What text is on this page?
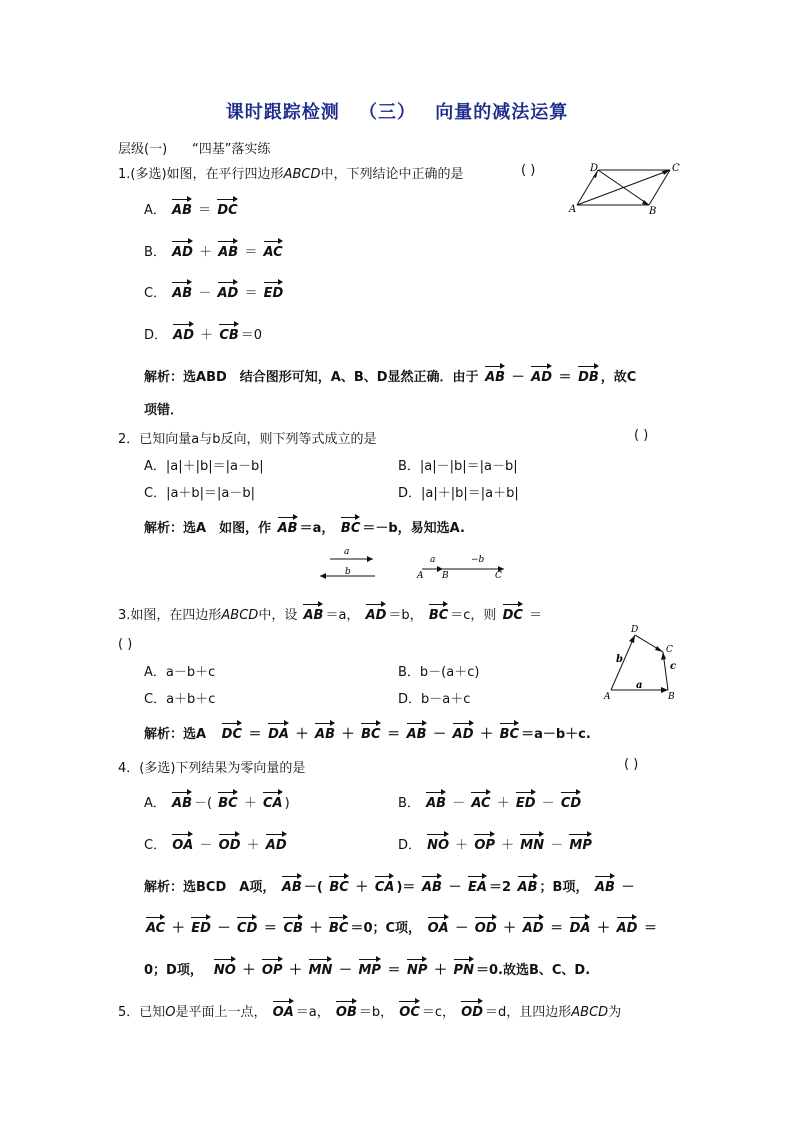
课时跟踪检测 （三） 向量的减法运算
层级(一) “四基”落实练
1.(多选)如图，在平行四边形ABCD中，下列结论中正确的是	( )	D	C
A	B
A． AB ＝ DC
B． AD ＋ AB ＝ AC
C． AB － AD ＝ ED
D． AD ＋ CB ＝0
解析：选ABD　结合图形可知，A、B、D显然正确．由于 AB － AD ＝ DB ，故C
项错．
2．已知向量a与b反向，则下列等式成立的是	( )
A．|a|＋|b|＝|a－b|	B．|a|－|b|＝|a－b|
C．|a＋b|＝|a－b|	D．|a|＋|b|＝|a＋b|
解析：选A　如图，作 AB ＝a， BC ＝－b，易知选A.
a
b
a	−b
A B	C
3.如图，在四边形ABCD中，设 AB ＝a， AD ＝b， BC ＝c，则 DC ＝
( )
D
C
A	B
a
b
c
A．a－b＋c	B．b－(a＋c)
C．a＋b＋c	D．b－a＋c
解析：选A DC ＝ DA ＋ AB ＋ BC ＝ AB － AD ＋ BC ＝a－b＋c.
4．(多选)下列结果为零向量的是	( )
A． AB －( BC ＋ CA )	B． AB － AC ＋ ED － CD
C． OA － OD ＋ AD	D． NO ＋ OP ＋ MN － MP
解析：选BCD　A项， AB －( BC ＋ CA )＝ AB － EA ＝2 AB ；B项， AB －
AC ＋ ED － CD ＝ CB ＋ BC ＝0；C项， OA － OD ＋ AD ＝ DA ＋ AD ＝
0；D项， NO ＋ OP ＋ MN － MP ＝ NP ＋ PN ＝0.故选B、C、D.
5．已知O是平面上一点， OA ＝a， OB ＝b， OC ＝c， OD ＝d，且四边形ABCD为
